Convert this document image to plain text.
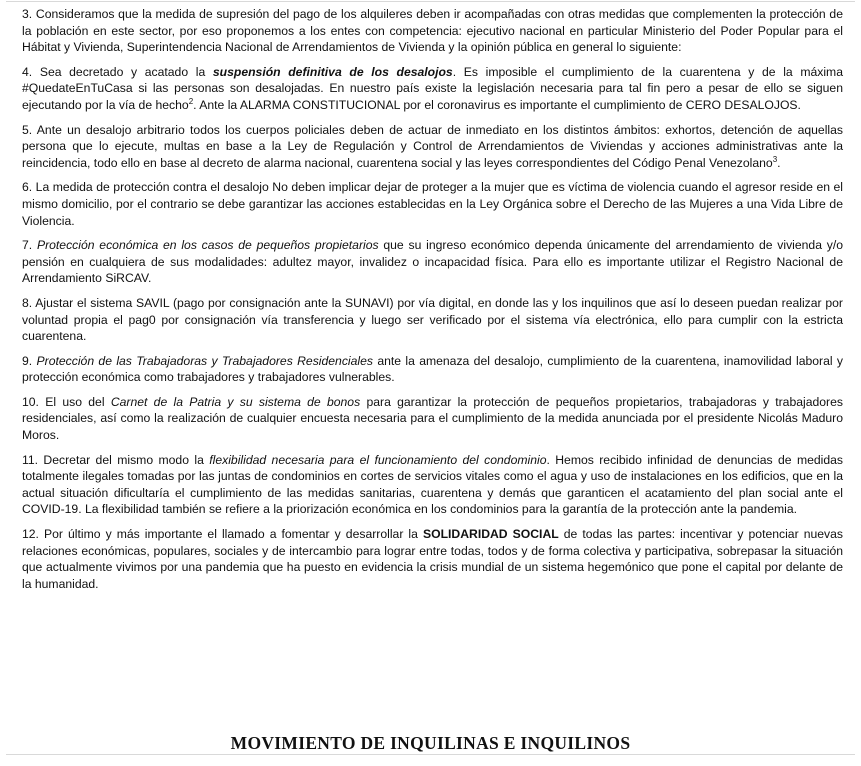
3. Consideramos que la medida de supresión del pago de los alquileres deben ir acompañadas con otras medidas que complementen la protección de la población en este sector, por eso proponemos a los entes con competencia: ejecutivo nacional en particular Ministerio del Poder Popular para el Hábitat y Vivienda, Superintendencia Nacional de Arrendamientos de Vivienda y la opinión pública en general lo siguiente:

4. Sea decretado y acatado la suspensión definitiva de los desalojos. Es imposible el cumplimiento de la cuarentena y de la máxima #QuedateEnTuCasa si las personas son desalojadas. En nuestro país existe la legislación necesaria para tal fin pero a pesar de ello se siguen ejecutando por la vía de hecho$^2$. Ante la ALARMA CONSTITUCIONAL por el coronavirus es importante el cumplimiento de CERO DESALOJOS.

5. Ante un desalojo arbitrario todos los cuerpos policiales deben de actuar de inmediato en los distintos ámbitos: exhortos, detención de aquellas persona que lo ejecute, multas en base a la Ley de Regulación y Control de Arrendamientos de Viviendas y acciones administrativas ante la reincidencia, todo ello en base al decreto de alarma nacional, cuarentena social y las leyes correspondientes del Código Penal Venezolano$^3$.

6. La medida de protección contra el desalojo No deben implicar dejar de proteger a la mujer que es víctima de violencia cuando el agresor reside en el mismo domicilio, por el contrario se debe garantizar las acciones establecidas en la Ley Orgánica sobre el Derecho de las Mujeres a una Vida Libre de Violencia.

7. Protección económica en los casos de pequeños propietarios que su ingreso económico dependa únicamente del arrendamiento de vivienda y/o pensión en cualquiera de sus modalidades: adultez mayor, invalidez o incapacidad física. Para ello es importante utilizar el Registro Nacional de Arrendamiento SiRCAV.

8. Ajustar el sistema SAVIL (pago por consignación ante la SUNAVI) por vía digital, en donde las y los inquilinos que así lo deseen puedan realizar por voluntad propia el pag0 por consignación vía transferencia y luego ser verificado por el sistema vía electrónica, ello para cumplir con la estricta cuarentena.

9. Protección de las Trabajadoras y Trabajadores Residenciales ante la amenaza del desalojo, cumplimiento de la cuarentena, inamovilidad laboral y protección económica como trabajadores y trabajadores vulnerables.

10. El uso del Carnet de la Patria y su sistema de bonos para garantizar la protección de pequeños propietarios, trabajadoras y trabajadores residenciales, así como la realización de cualquier encuesta necesaria para el cumplimiento de la medida anunciada por el presidente Nicolás Maduro Moros.

11. Decretar del mismo modo la flexibilidad necesaria para el funcionamiento del condominio. Hemos recibido infinidad de denuncias de medidas totalmente ilegales tomadas por las juntas de condominios en cortes de servicios vitales como el agua y uso de instalaciones en los edificios, que en la actual situación dificultaría el cumplimiento de las medidas sanitarias, cuarentena y demás que garanticen el acatamiento del plan social ante el COVID-19. La flexibilidad también se refiere a la priorización económica en los condominios para la garantía de la protección ante la pandemia.

12. Por último y más importante el llamado a fomentar y desarrollar la SOLIDARIDAD SOCIAL de todas las partes: incentivar y potenciar nuevas relaciones económicas, populares, sociales y de intercambio para lograr entre todas, todos y de forma colectiva y participativa, sobrepasar la situación que actualmente vivimos por una pandemia que ha puesto en evidencia la crisis mundial de un sistema hegemónico que pone el capital por delante de la humanidad.

MOVIMIENTO DE INQUILINAS E INQUILINOS
